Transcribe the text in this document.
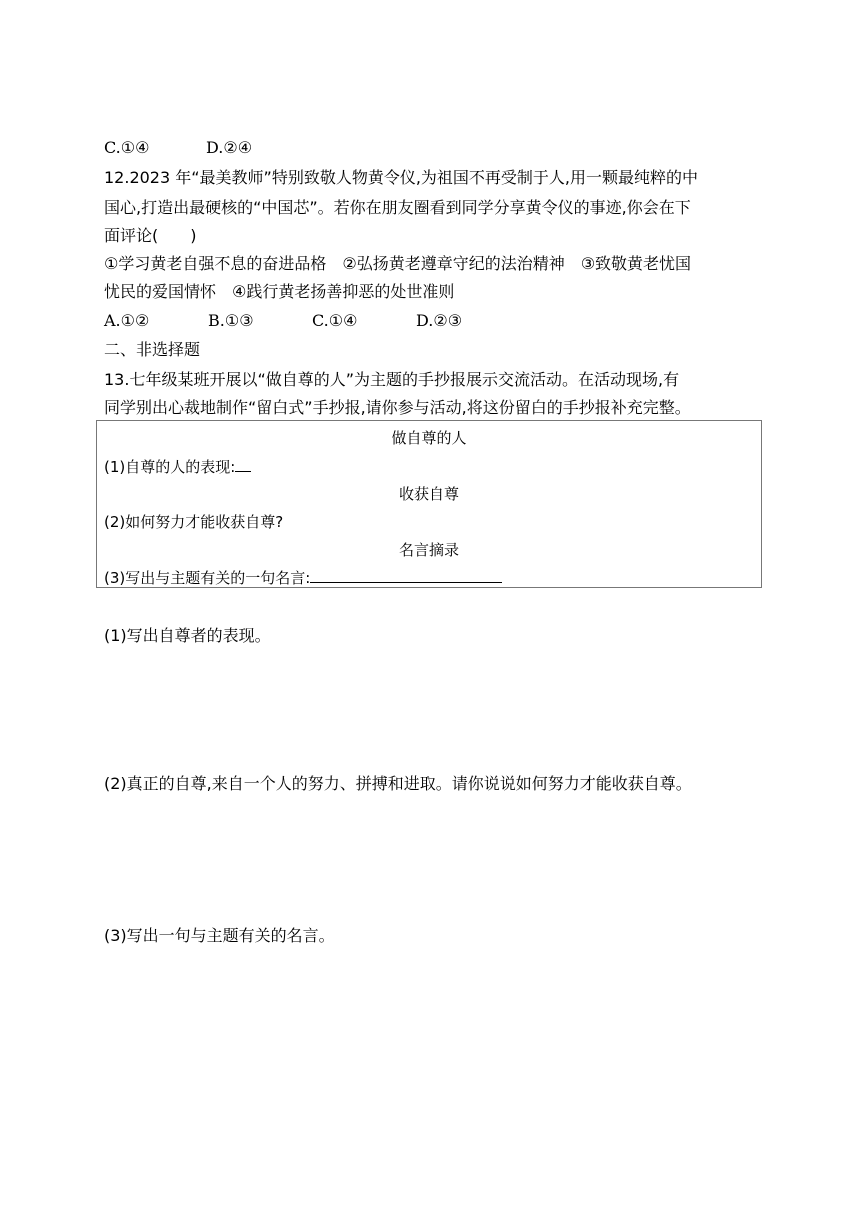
C.①④	D.②④
12.2023 年“最美教师”特别致敬人物黄令仪,为祖国不再受制于人,用一颗最纯粹的中
国心,打造出最硬核的“中国芯”。若你在朋友圈看到同学分享黄令仪的事迹,你会在下
面评论(　　)
①学习黄老自强不息的奋进品格　②弘扬黄老遵章守纪的法治精神　③致敬黄老忧国
忧民的爱国情怀　④践行黄老扬善抑恶的处世准则
A.①②	B.①③	C.①④	D.②③
二、非选择题
13.七年级某班开展以“做自尊的人”为主题的手抄报展示交流活动。在活动现场,有
同学别出心裁地制作“留白式”手抄报,请你参与活动,将这份留白的手抄报补充完整。
做自尊的人
(1)自尊的人的表现:
收获自尊
(2)如何努力才能收获自尊?
名言摘录
(3)写出与主题有关的一句名言:
(1)写出自尊者的表现。
(2)真正的自尊,来自一个人的努力、拼搏和进取。请你说说如何努力才能收获自尊。
(3)写出一句与主题有关的名言。
